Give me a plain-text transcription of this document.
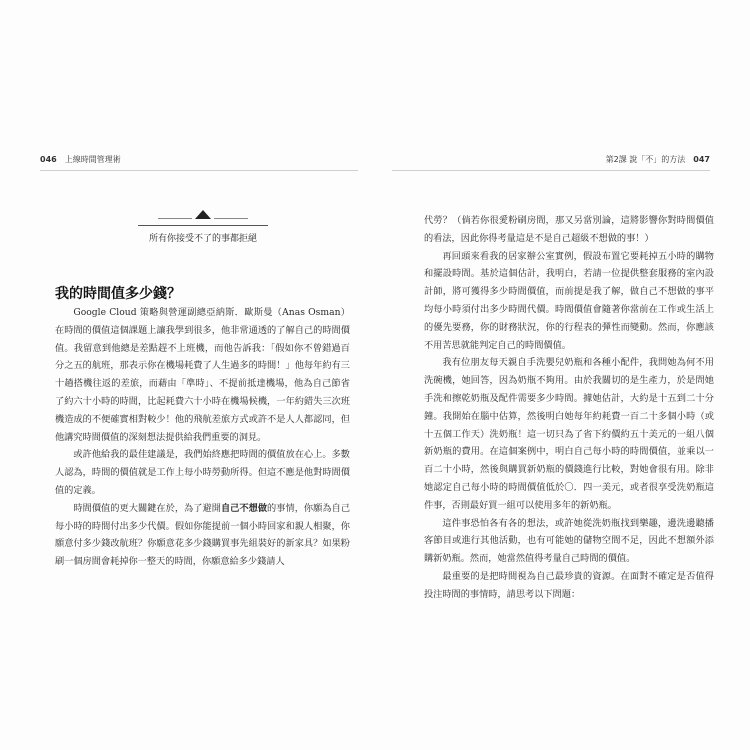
046 上線時間管理術	第2課 說「不」的方法 047
所有你接受不了的事都拒絕
我的時間值多少錢？

Google Cloud 策略與營運副總亞納斯．歐斯曼（Anas Osman）在時間的價值這個課題上讓我學到很多，他非常通透的了解自己的時間價值。我留意到他總是差點趕不上班機，而他告訴我：「假如你不曾錯過百分之五的航班，那表示你在機場耗費了人生過多的時間！」他每年約有三十趟搭機往返的差旅，而藉由「準時」、不提前抵達機場，他為自己節省了約六十小時的時間，比起耗費六十小時在機場候機，一年約錯失三次班機造成的不便確實相對較少！他的飛航差旅方式或許不是人人都認同，但他講究時間價值的深刻想法提供給我們重要的洞見。

或許他給我的最佳建議是，我們始終應把時間的價值放在心上。多數人認為，時間的價值就是工作上每小時勞動所得。但這不應是他對時間價值的定義。

時間價值的更大關鍵在於，為了避開自己不想做的事情，你願為自己每小時的時間付出多少代價。假如你能提前一個小時回家和親人相聚，你願意付多少錢改航班？你願意花多少錢購買事先組裝好的新家具？如果粉刷一個房間會耗掉你一整天的時間，你願意給多少錢請人

代勞？（倘若你很愛粉刷房間，那又另當別論，這將影響你對時間價值的看法，因此你得考量這是不是自己超級不想做的事！）

再回頭來看我的居家辦公室實例，假設布置它要耗掉五小時的購物和擺設時間。基於這個估計，我明白，若請一位提供整套服務的室內設計師，將可獲得多少時間價值，而前提是我了解，做自己不想做的事平均每小時須付出多少時間代價。時間價值會隨著你當前在工作或生活上的優先要務，你的財務狀況，你的行程表的彈性而變動。然而，你應該不用苦思就能判定自己的時間價值。

我有位朋友每天親自手洗嬰兒奶瓶和各種小配件，我問她為何不用洗碗機，她回答，因為奶瓶不夠用。由於我關切的是生產力，於是問她手洗和擦乾奶瓶及配件需要多少時間。據她估計，大約是十五到二十分鐘。我開始在腦中估算，然後明白她每年約耗費一百二十多個小時（或十五個工作天）洗奶瓶！這一切只為了省下約價約五十美元的一組八個新奶瓶的費用。在這個案例中，明白自己每小時的時間價值，並乘以一百二十小時，然後與購買新奶瓶的價錢進行比較，對她會很有用。除非她認定自己每小時的時間價值低於〇．四一美元，或者很享受洗奶瓶這件事，否則最好買一組可以使用多年的新奶瓶。

這件事恐怕各有各的想法，或許她從洗奶瓶找到樂趣，邊洗邊聽播客節目或進行其他活動，也有可能她的儲物空間不足，因此不想額外添購新奶瓶。然而，她當然值得考量自己時間的價值。

最重要的是把時間視為自己最珍貴的資源。在面對不確定是否值得投注時間的事情時，請思考以下問題：
